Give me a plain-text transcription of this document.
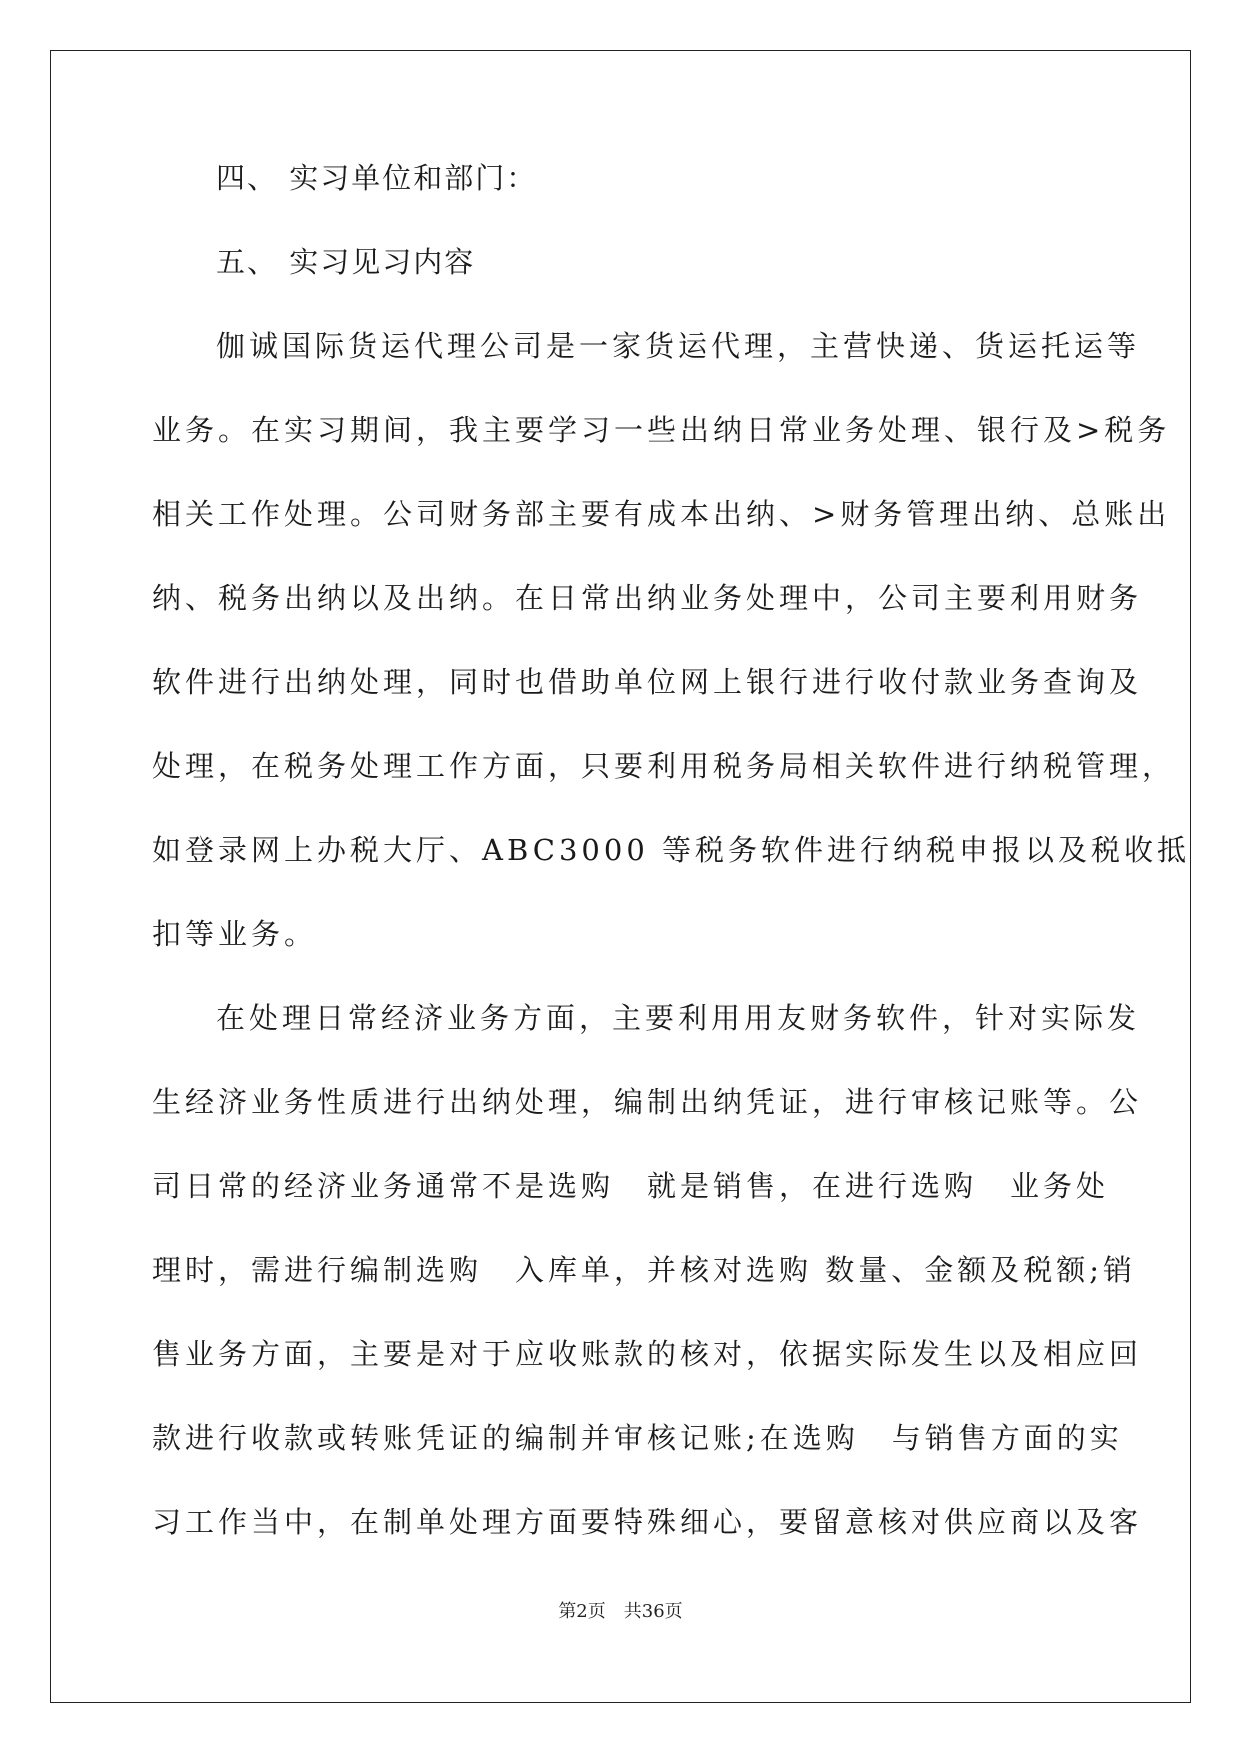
四、 实习单位和部门：

五、 实习见习内容

伽诚国际货运代理公司是一家货运代理，主营快递、货运托运等
业务。在实习期间，我主要学习一些出纳日常业务处理、银行及>税务
相关工作处理。公司财务部主要有成本出纳、>财务管理出纳、总账出
纳、税务出纳以及出纳。在日常出纳业务处理中，公司主要利用财务
软件进行出纳处理，同时也借助单位网上银行进行收付款业务查询及
处理，在税务处理工作方面，只要利用税务局相关软件进行纳税管理，
如登录网上办税大厅、ABC3000 等税务软件进行纳税申报以及税收抵
扣等业务。
在处理日常经济业务方面，主要利用用友财务软件，针对实际发
生经济业务性质进行出纳处理，编制出纳凭证，进行审核记账等。公
司日常的经济业务通常不是选购　就是销售，在进行选购　业务处
理时，需进行编制选购　入库单，并核对选购 数量、金额及税额;销
售业务方面，主要是对于应收账款的核对，依据实际发生以及相应回
款进行收款或转账凭证的编制并审核记账;在选购　与销售方面的实
习工作当中，在制单处理方面要特殊细心，要留意核对供应商以及客
第2页　共36页
